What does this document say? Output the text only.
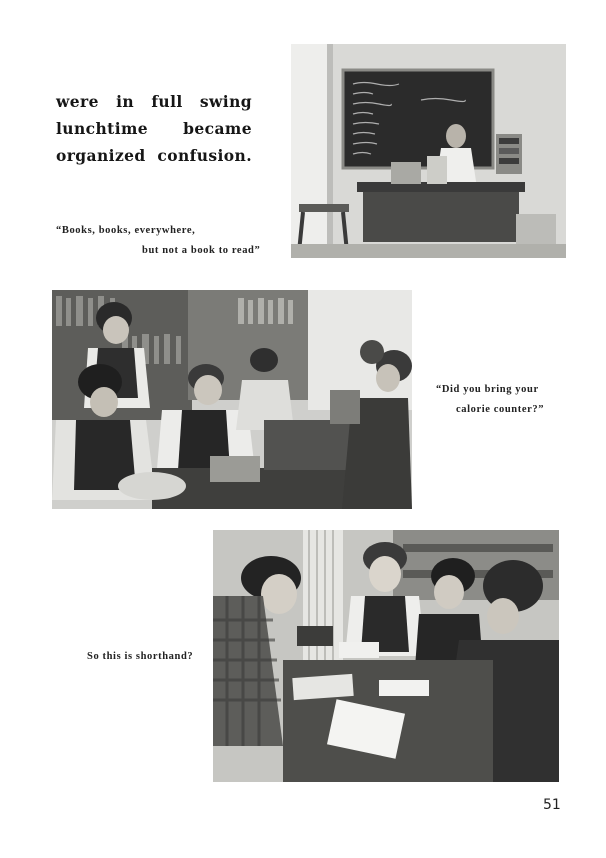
were in full swing
lunchtime became
organized confusion.
“Books, books, everywhere,
but not a book to read”
“Did you bring your
calorie counter?”
So this is shorthand?
51
